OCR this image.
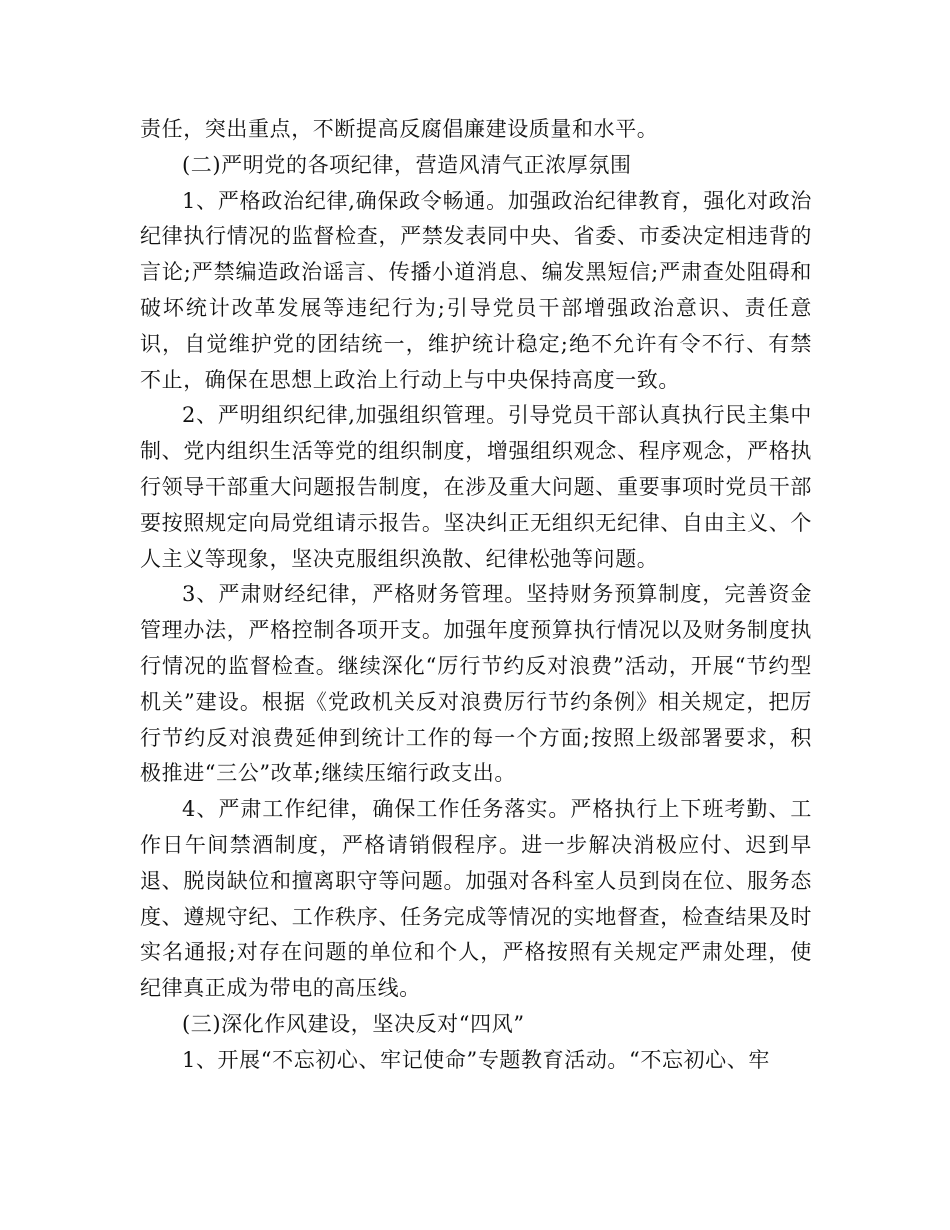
责任，突出重点，不断提高反腐倡廉建设质量和水平。

(二)严明党的各项纪律，营造风清气正浓厚氛围

1、严格政治纪律,确保政令畅通。加强政治纪律教育，强化对政治纪律执行情况的监督检查，严禁发表同中央、省委、市委决定相违背的言论;严禁编造政治谣言、传播小道消息、编发黑短信;严肃查处阻碍和破坏统计改革发展等违纪行为;引导党员干部增强政治意识、责任意识，自觉维护党的团结统一，维护统计稳定;绝不允许有令不行、有禁不止，确保在思想上政治上行动上与中央保持高度一致。

2、严明组织纪律,加强组织管理。引导党员干部认真执行民主集中制、党内组织生活等党的组织制度，增强组织观念、程序观念，严格执行领导干部重大问题报告制度，在涉及重大问题、重要事项时党员干部要按照规定向局党组请示报告。坚决纠正无组织无纪律、自由主义、个人主义等现象，坚决克服组织涣散、纪律松弛等问题。

3、严肃财经纪律，严格财务管理。坚持财务预算制度，完善资金管理办法，严格控制各项开支。加强年度预算执行情况以及财务制度执行情况的监督检查。继续深化“厉行节约反对浪费”活动，开展“节约型机关”建设。根据《党政机关反对浪费厉行节约条例》相关规定，把厉行节约反对浪费延伸到统计工作的每一个方面;按照上级部署要求，积极推进“三公”改革;继续压缩行政支出。

4、严肃工作纪律，确保工作任务落实。严格执行上下班考勤、工作日午间禁酒制度，严格请销假程序。进一步解决消极应付、迟到早退、脱岗缺位和擅离职守等问题。加强对各科室人员到岗在位、服务态度、遵规守纪、工作秩序、任务完成等情况的实地督查，检查结果及时实名通报;对存在问题的单位和个人，严格按照有关规定严肃处理，使纪律真正成为带电的高压线。

(三)深化作风建设，坚决反对“四风”

1、开展“不忘初心、牢记使命”专题教育活动。“不忘初心、牢
